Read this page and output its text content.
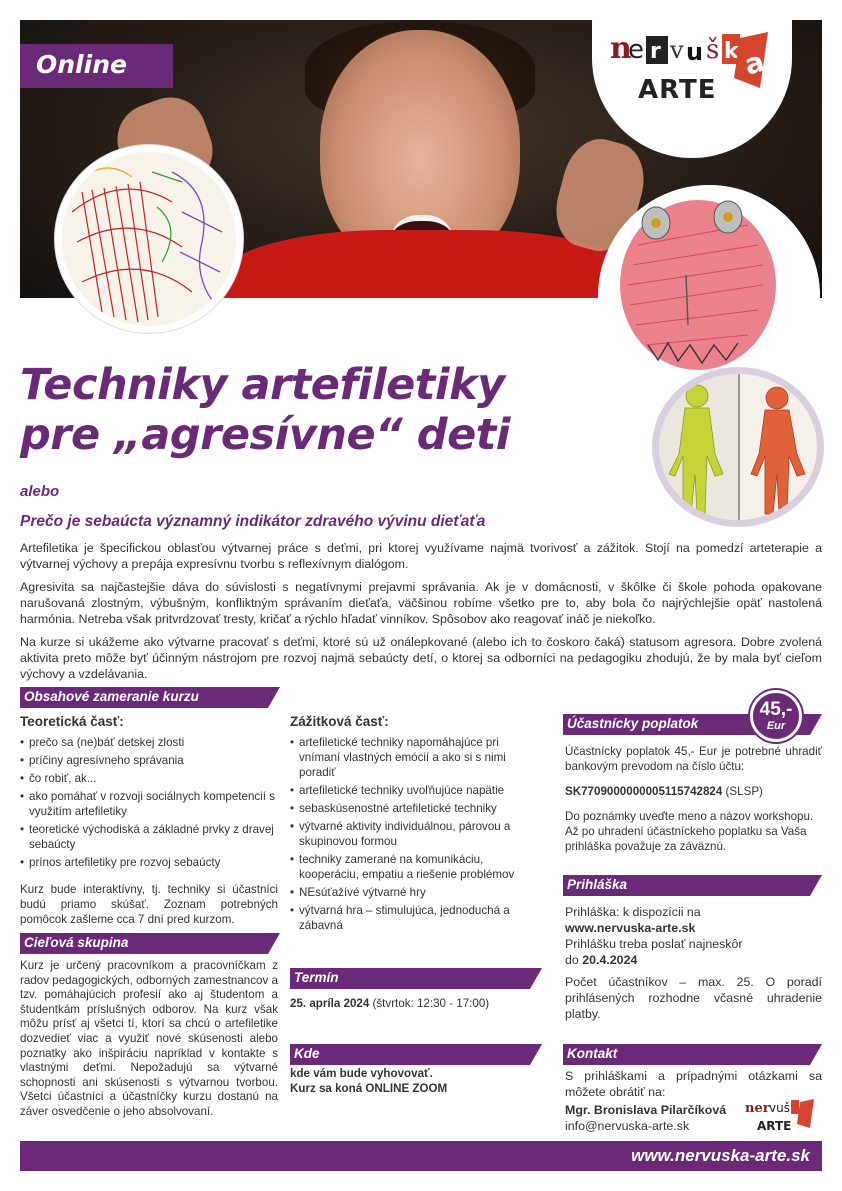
Online	n
e r v u š k a
ARTE
Techniky artefiletiky
pre „agresívne“ deti
alebo
Prečo je sebaúcta významný indikátor zdravého vývinu dieťaťa

Artefiletika je špecifickou oblasťou výtvarnej práce s deťmi, pri ktorej využívame najmä tvorivosť a zážitok. Stojí na pomedzí arteterapie a výtvarnej výchovy a prepája expresívnu tvorbu s reflexívnym dialógom.

Agresivita sa najčastejšie dáva do súvislosti s negatívnymi prejavmi správania. Ak je v domácnosti, v škôlke či škole pohoda opakovane narušovaná zlostným, výbušným, konfliktným správaním dieťaťa, väčšinou robíme všetko pre to, aby bola čo najrýchlejšie opäť nastolená harmónia. Netreba však pritvrdzovať tresty, kričať a rýchlo hľadať vinníkov. Spôsobov ako reagovať ináč je niekoľko.

Na kurze si ukážeme ako výtvarne pracovať s deťmi, ktoré sú už onálepkované (alebo ich to čoskoro čaká) statusom agresora. Dobre zvolená aktivita preto môže byť účinným nástrojom pre rozvoj najmä sebaúcty detí, o ktorej sa odborníci na pedagogiku zhodujú, že by mala byť cieľom výchovy a vzdelávania.

Obsahové zameranie kurzu
Teoretická časť:
• prečo sa (ne)báť detskej zlosti
• príčiny agresívneho správania
• čo robiť, ak...
• ako pomáhať v rozvoji sociálnych kompetencií s využitím artefiletiky
• teoretické východiská a základné prvky z dravej sebaúcty
• prínos artefiletiky pre rozvoj sebaúcty

Kurz bude interaktívny, tj. techniky si účastníci budú priamo skúšať. Zoznam potrebných pomôcok zašleme cca 7 dní pred kurzom.

Cieľová skupina
Kurz je určený pracovníkom a pracovníčkam z radov pedagogických, odborných zamestnancov a tzv. pomáhajúcich profesií ako aj študentom a študentkám príslušných odborov. Na kurz však môžu prísť aj všetci tí, ktorí sa chcú o artefiletike dozvedieť viac a využiť nové skúsenosti alebo poznatky ako inšpiráciu napríklad v kontakte s vlastnými deťmi. Nepožadujú sa výtvarné schopnosti ani skúsenosti s výtvarnou tvorbou. Všetci účastníci a účastníčky kurzu dostanú na záver osvedčenie o jeho absolvovaní.
Zážitková časť:
• artefiletické techniky napomáhajúce pri vnímaní vlastných emócií a ako si s nimi poradiť
• artefiletické techniky uvoľňujúce napätie
• sebaskúsenostné artefiletické techniky
• výtvarné aktivity individuálnou, párovou a skupinovou formou
• techniky zamerané na komunikáciu, kooperáciu, empatiu a riešenie problémov
• NEsúťažívé výtvarné hry
• výtvarná hra – stimulujúca, jednoduchá a zábavná
Termín
25. apríla 2024 (štvrtok: 12:30 - 17:00)
Kde
kde vám bude vyhovovať.
Kurz sa koná ONLINE ZOOM
Účastnícky poplatok
45,-
Eur

Účastnícky poplatok 45,- Eur je potrebné uhradiť bankovým prevodom na číslo účtu:

SK7709000000005115742824 (SLSP)

Do poznámky uveďte meno a názov workshopu. Až po uhradení účastníckeho poplatku sa Vaša prihláška považuje za záväznú.

Prihláška
Prihláška: k dispozícii na
www.nervuska-arte.sk
Prihlášku treba poslať najneskôr
do 20.4.2024
Počet účastníkov – max. 25. O poradí prihlásených rozhodne včasné uhradenie platby.
Kontakt
S prihláškami a prípadnými otázkami sa môžete obrátiť na:
Mgr. Bronislava Pilarčíková
info@nervuska-arte.sk
ner vuš
ARTE
www.nervuska-arte.sk
